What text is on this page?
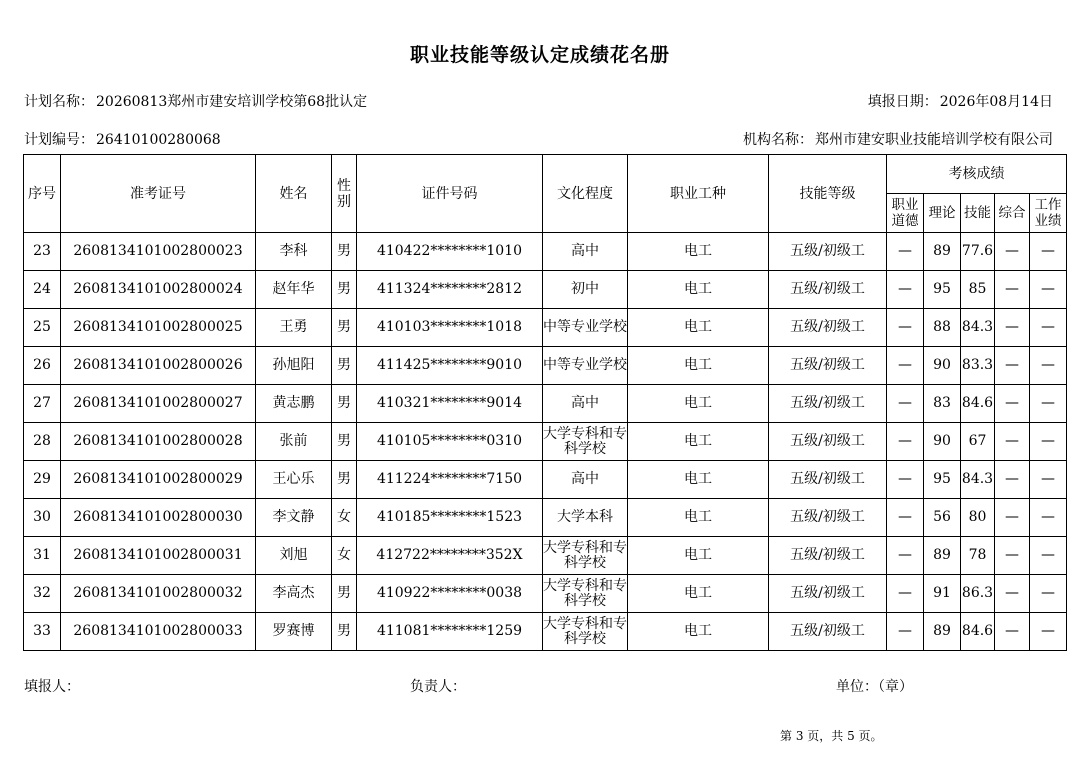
职业技能等级认定成绩花名册
计划名称： 20260813郑州市建安培训学校第68批认定	填报日期： 2026年08月14日
计划编号： 26410100280068	机构名称： 郑州市建安职业技能培训学校有限公司
序号	准考证号	姓名	性别	证件号码	文化程度	职业工种	技能等级	考核成绩				
								职业道德	理论	技能	综合	工作业绩
23	2608134101002800023	李科	男	410422********1010	高中	电工	五级/初级工	—	89	77.6	—	—
24	2608134101002800024	赵年华	男	411324********2812	初中	电工	五级/初级工	—	95	85	—	—
25	2608134101002800025	王勇	男	410103********1018	中等专业学校	电工	五级/初级工	—	88	84.3	—	—
26	2608134101002800026	孙旭阳	男	411425********9010	中等专业学校	电工	五级/初级工	—	90	83.3	—	—
27	2608134101002800027	黄志鹏	男	410321********9014	高中	电工	五级/初级工	—	83	84.6	—	—
28	2608134101002800028	张前	男	410105********0310	大学专科和专科学校	电工	五级/初级工	—	90	67	—	—
29	2608134101002800029	王心乐	男	411224********7150	高中	电工	五级/初级工	—	95	84.3	—	—
30	2608134101002800030	李文静	女	410185********1523	大学本科	电工	五级/初级工	—	56	80	—	—
31	2608134101002800031	刘旭	女	412722********352X	大学专科和专科学校	电工	五级/初级工	—	89	78	—	—
32	2608134101002800032	李高杰	男	410922********0038	大学专科和专科学校	电工	五级/初级工	—	91	86.3	—	—
33	2608134101002800033	罗赛博	男	411081********1259	大学专科和专科学校	电工	五级/初级工	—	89	84.6	—	—
填报人：	负责人：	单位：（章）
第 3 页，共 5 页。
